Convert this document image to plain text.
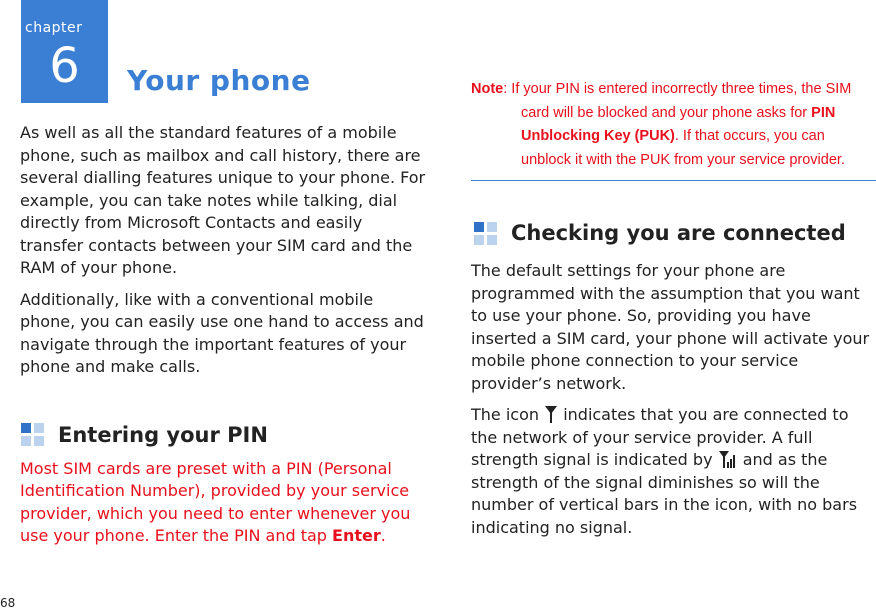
chapter
6	Your phone

As well as all the standard features of a mobile phone, such as mailbox and call history, there are several dialling features unique to your phone. For example, you can take notes while talking, dial directly from Microsoft Contacts and easily transfer contacts between your SIM card and the RAM of your phone.

Additionally, like with a conventional mobile phone, you can easily use one hand to access and navigate through the important features of your phone and make calls.

Entering your PIN

Most SIM cards are preset with a PIN (Personal Identification Number), provided by your service provider, which you need to enter whenever you use your phone. Enter the PIN and tap Enter.

Note: If your PIN is entered incorrectly three times, the SIM card will be blocked and your phone asks for PIN Unblocking Key (PUK). If that occurs, you can unblock it with the PUK from your service provider.
Checking you are connected

The default settings for your phone are programmed with the assumption that you want to use your phone. So, providing you have inserted a SIM card, your phone will activate your mobile phone connection to your service provider’s network.

The icon  indicates that you are connected to the network of your service provider. A full strength signal is indicated by  and as the strength of the signal diminishes so will the number of vertical bars in the icon, with no bars indicating no signal.

68
